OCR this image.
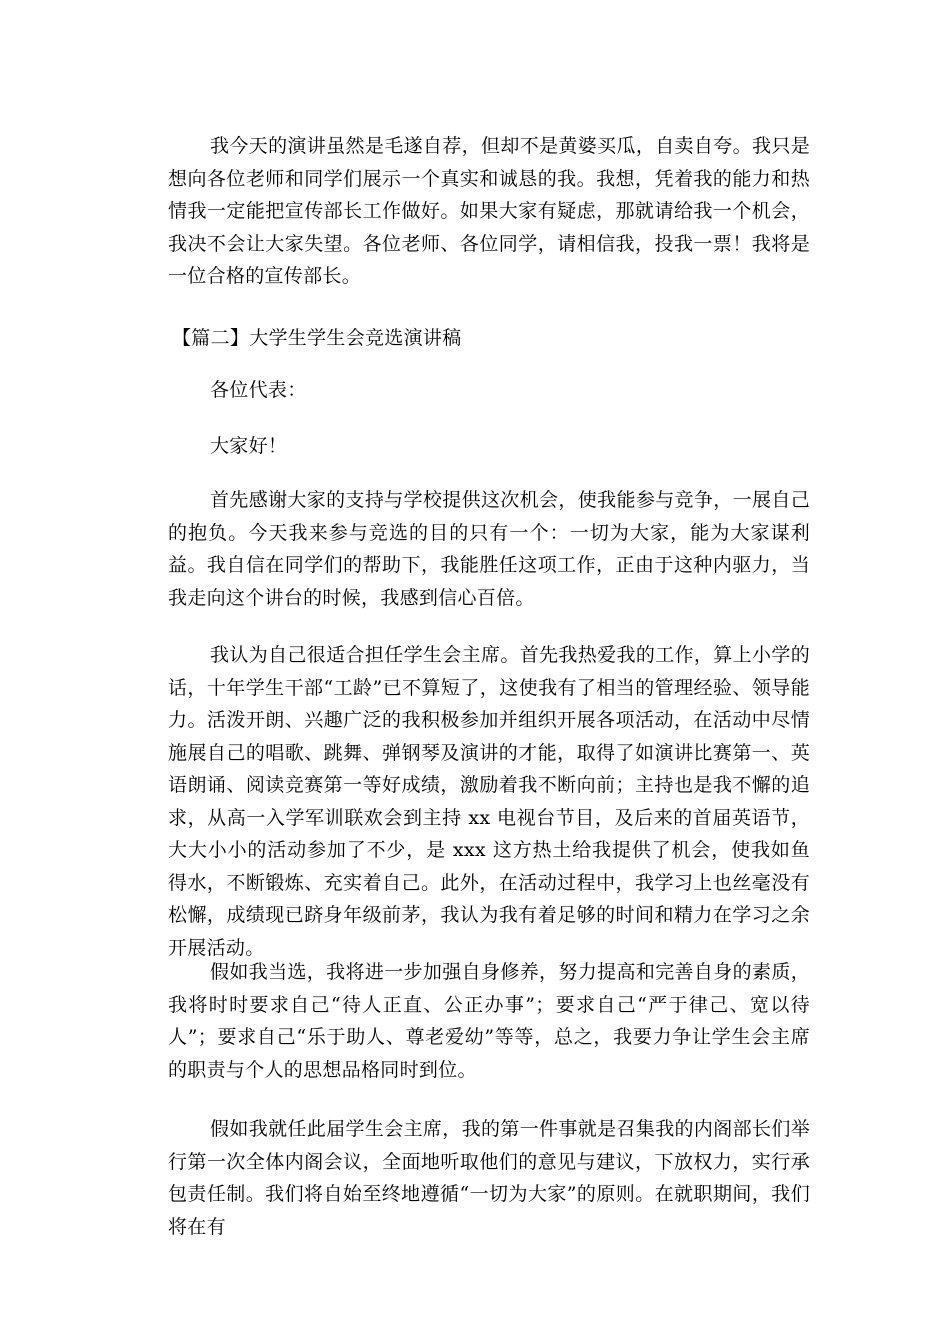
我今天的演讲虽然是毛遂自荐，但却不是黄婆买瓜，自卖自夸。我只是想向各位老师和同学们展示一个真实和诚恳的我。我想，凭着我的能力和热情我一定能把宣传部长工作做好。如果大家有疑虑，那就请给我一个机会，我决不会让大家失望。各位老师、各位同学，请相信我，投我一票！我将是一位合格的宣传部长。

【篇二】大学生学生会竞选演讲稿

各位代表：

大家好！

首先感谢大家的支持与学校提供这次机会，使我能参与竞争，一展自己的抱负。今天我来参与竞选的目的只有一个：一切为大家，能为大家谋利益。我自信在同学们的帮助下，我能胜任这项工作，正由于这种内驱力，当我走向这个讲台的时候，我感到信心百倍。

我认为自己很适合担任学生会主席。首先我热爱我的工作，算上小学的话，十年学生干部“工龄”已不算短了，这使我有了相当的管理经验、领导能力。活泼开朗、兴趣广泛的我积极参加并组织开展各项活动，在活动中尽情施展自己的唱歌、跳舞、弹钢琴及演讲的才能，取得了如演讲比赛第一、英语朗诵、阅读竞赛第一等好成绩，激励着我不断向前；主持也是我不懈的追求，从高一入学军训联欢会到主持 xx 电视台节目，及后来的首届英语节，大大小小的活动参加了不少，是 xxx 这方热土给我提供了机会，使我如鱼得水，不断锻炼、充实着自己。此外，在活动过程中，我学习上也丝毫没有松懈，成绩现已跻身年级前茅，我认为我有着足够的时间和精力在学习之余开展活动。

假如我当选，我将进一步加强自身修养，努力提高和完善自身的素质，我将时时要求自己“待人正直、公正办事”；要求自己“严于律己、宽以待人”；要求自己“乐于助人、尊老爱幼”等等，总之，我要力争让学生会主席的职责与个人的思想品格同时到位。

假如我就任此届学生会主席，我的第一件事就是召集我的内阁部长们举行第一次全体内阁会议，全面地听取他们的意见与建议，下放权力，实行承包责任制。我们将自始至终地遵循“一切为大家”的原则。在就职期间，我们将在有
